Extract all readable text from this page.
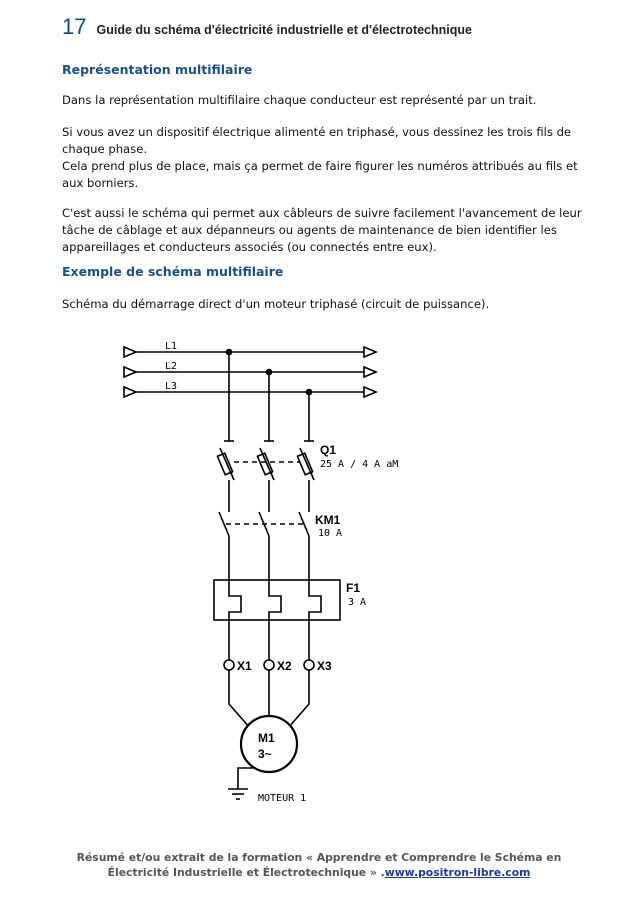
17 Guide du schéma d'électricité industrielle et d'électrotechnique
Représentation multifilaire

Dans la représentation multifilaire chaque conducteur est représenté par un trait.

Si vous avez un dispositif électrique alimenté en triphasé, vous dessinez les trois fils de chaque phase.

Cela prend plus de place, mais ça permet de faire figurer les numéros attribués au fils et aux borniers.

C'est aussi le schéma qui permet aux câbleurs de suivre facilement l'avancement de leur tâche de câblage et aux dépanneurs ou agents de maintenance de bien identifier les appareillages et conducteurs associés (ou connectés entre eux).

Exemple de schéma multifilaire

Schéma du démarrage direct d'un moteur triphasé (circuit de puissance).

L1
L2
L3
Q1
25 A / 4 A aM
KM1
10 A
F1
3 A
X1 X2 X3
M1
3~
MOTEUR 1
Résumé et/ou extrait de la formation « Apprendre et Comprendre le Schéma en
Électricité Industrielle et Électrotechnique » .www.positron-libre.com
